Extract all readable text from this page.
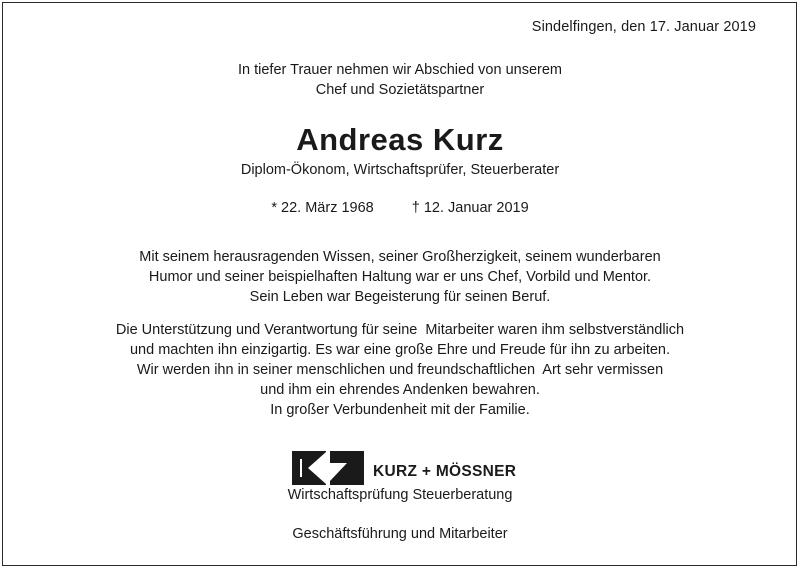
Sindelfingen, den 17. Januar 2019
In tiefer Trauer nehmen wir Abschied von unserem
Chef und Sozietätspartner
Andreas Kurz
Diplom-Ökonom, Wirtschaftsprüfer, Steuerberater
* 22. März 1968	† 12. Januar 2019
Mit seinem herausragenden Wissen, seiner Großherzigkeit, seinem wunderbaren
Humor und seiner beispielhaften Haltung war er uns Chef, Vorbild und Mentor.
Sein Leben war Begeisterung für seinen Beruf.
Die Unterstützung und Verantwortung für seine  Mitarbeiter waren ihm selbstverständlich
und machten ihn einzigartig. Es war eine große Ehre und Freude für ihn zu arbeiten.
Wir werden ihn in seiner menschlichen und freundschaftlichen  Art sehr vermissen
und ihm ein ehrendes Andenken bewahren.
In großer Verbundenheit mit der Familie.
KURZ + MÖSSNER
Wirtschaftsprüfung Steuerberatung
Geschäftsführung und Mitarbeiter
